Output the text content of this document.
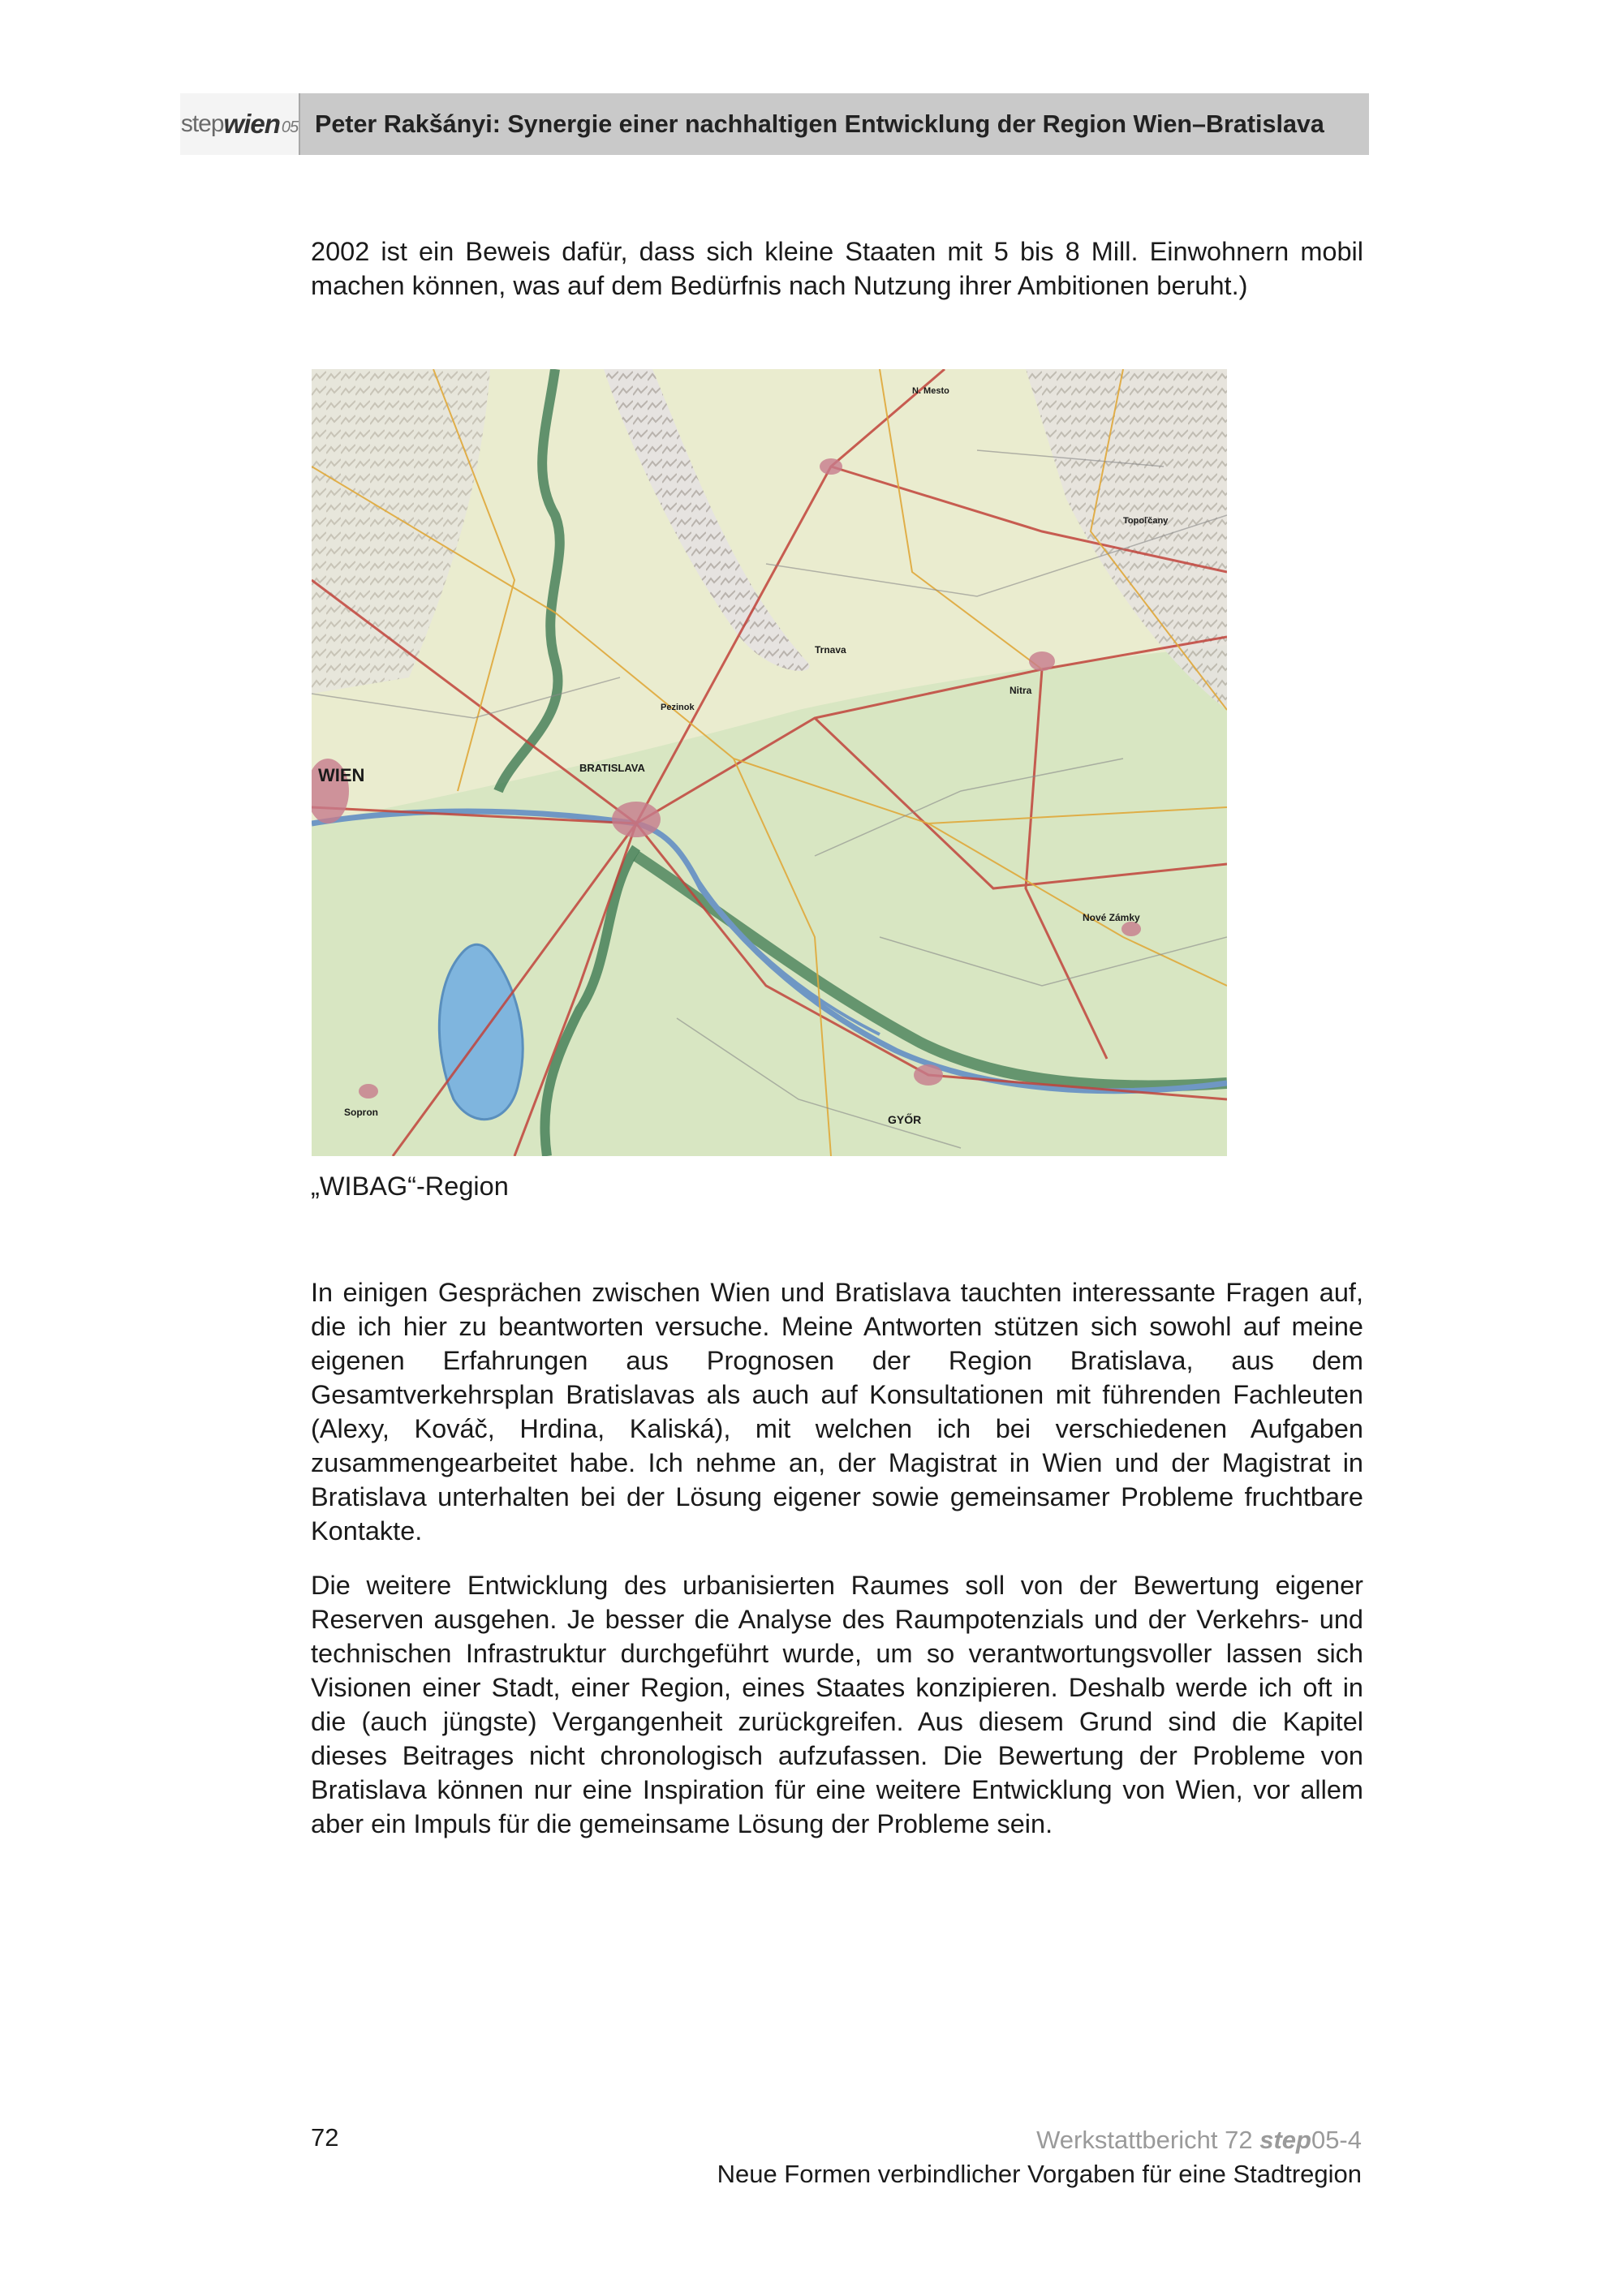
step wien 05 Peter Rakšányi: Synergie einer nachhaltigen Entwicklung der Region Wien–Bratislava

2002 ist ein Beweis dafür, dass sich kleine Staaten mit 5 bis 8 Mill. Einwohnern mobil machen können, was auf dem Bedürfnis nach Nutzung ihrer Ambitionen beruht.)

WIEN	BRATISLAVA
GYŐR
Nové Zámky
Nitra
Topoľčany
Sopron
Trnava
Pezinok
N. Mesto
„WIBAG“-Region

In einigen Gesprächen zwischen Wien und Bratislava tauchten interessante Fragen auf, die ich hier zu beantworten versuche. Meine Antworten stützen sich sowohl auf meine eigenen Erfahrungen aus Prognosen der Region Bratislava, aus dem Gesamtverkehrsplan Bratislavas als auch auf Konsultationen mit führenden Fachleuten (Alexy, Kováč, Hrdina, Kaliská), mit welchen ich bei verschiedenen Aufgaben zusammengearbeitet habe. Ich nehme an, der Magistrat in Wien und der Magistrat in Bratislava unterhalten bei der Lösung eigener sowie gemeinsamer Probleme fruchtbare Kontakte.

Die weitere Entwicklung des urbanisierten Raumes soll von der Bewertung eigener Reserven ausgehen. Je besser die Analyse des Raumpotenzials und der Verkehrs- und technischen Infrastruktur durchgeführt wurde, um so verantwortungsvoller lassen sich Visionen einer Stadt, einer Region, eines Staates konzipieren. Deshalb werde ich oft in die (auch jüngste) Vergangenheit zurückgreifen. Aus diesem Grund sind die Kapitel dieses Beitrages nicht chronologisch aufzufassen. Die Bewertung der Probleme von Bratislava können nur eine Inspiration für eine weitere Entwicklung von Wien, vor allem aber ein Impuls für die gemeinsame Lösung der Probleme sein.

72	Werkstattbericht 72 step05-4
Neue Formen verbindlicher Vorgaben für eine Stadtregion
